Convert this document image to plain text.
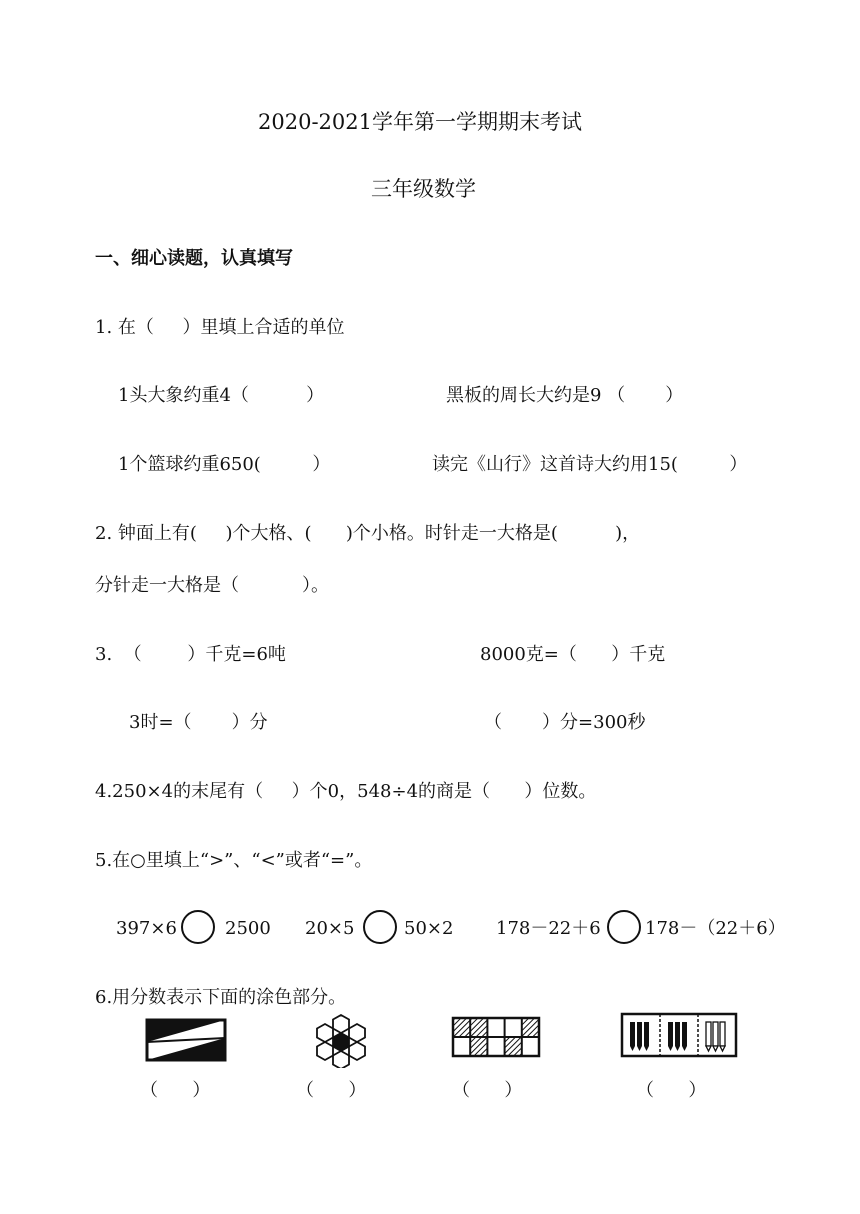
2020-2021学年第一学期期末考试
三年级数学
一、细心读题，认真填写
1. 在（     ）里填上合适的单位
1头大象约重4（          ）	黑板的周长大约是9 （       ）
1个篮球约重650(         ）	读完《山行》这首诗大约用15(         ）
2. 钟面上有(     )个大格、(      )个小格。时针走一大格是(          )，
分针走一大格是（           ）。
3.  （        ）千克=6吨	8000克=（      ）千克
3时=（       ）分	（       ）分=300秒
4.250×4的末尾有（     ）个0，548÷4的商是（      ）位数。
5.在○里填上“>”、“<”或者“=”。
397×6	2500 20×5	50×2 178－22＋6 178－（22＋6）
6.用分数表示下面的涂色部分。
（      ）	（      ）	（      ）	（      ）
